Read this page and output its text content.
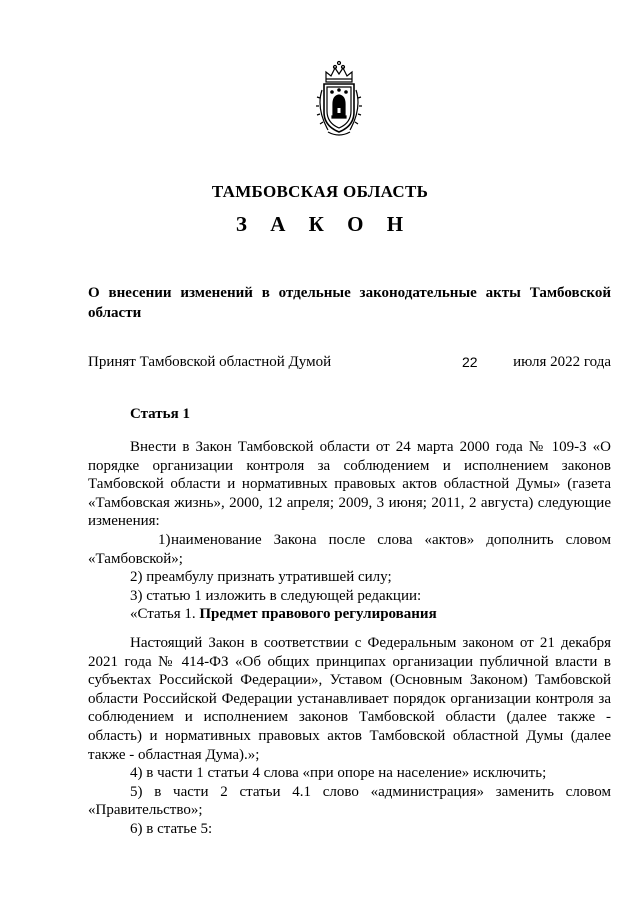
ТАМБОВСКАЯ ОБЛАСТЬ
З А К О Н
О внесении изменений в отдельные законодательные акты Тамбовской области
Принят Тамбовской областной Думой	22 июля 2022 года
Статья 1

Внести в Закон Тамбовской области от 24 марта 2000 года № 109-З «О порядке организации контроля за соблюдением и исполнением законов Тамбовской области и нормативных правовых актов областной Думы» (газета «Тамбовская жизнь», 2000, 12 апреля; 2009, 3 июня; 2011, 2 августа) следующие изменения:

1) наименование Закона после слова «актов» дополнить словом

«Тамбовской»;

2) преамбулу признать утратившей силу;

3) статью 1 изложить в следующей редакции:

«Статья 1. Предмет правового регулирования

Настоящий Закон в соответствии с Федеральным законом от 21 декабря 2021 года № 414-ФЗ «Об общих принципах организации публичной власти в субъектах Российской Федерации», Уставом (Основным Законом) Тамбовской области Российской Федерации устанавливает порядок организации контроля за соблюдением и исполнением законов Тамбовской области (далее также - область) и нормативных правовых актов Тамбовской областной Думы (далее также - областная Дума).»;

4) в части 1 статьи 4 слова «при опоре на население» исключить;

5) в части 2 статьи 4.1 слово «администрация» заменить словом «Правительство»;

6) в статье 5:
